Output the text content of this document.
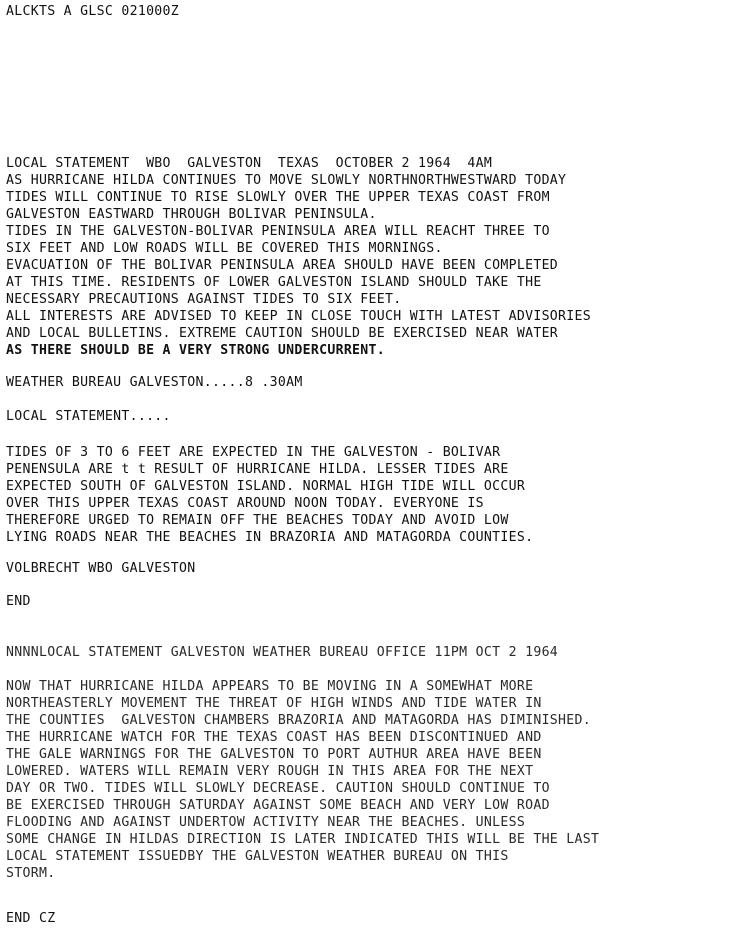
ALCKTS A GLSC 021000Z
LOCAL STATEMENT  WBO  GALVESTON  TEXAS  OCTOBER 2 1964  4AM
AS HURRICANE HILDA CONTINUES TO MOVE SLOWLY NORTHNORTHWESTWARD TODAY
TIDES WILL CONTINUE TO RISE SLOWLY OVER THE UPPER TEXAS COAST FROM
GALVESTON EASTWARD THROUGH BOLIVAR PENINSULA.
TIDES IN THE GALVESTON-BOLIVAR PENINSULA AREA WILL REACHT THREE TO
SIX FEET AND LOW ROADS WILL BE COVERED THIS MORNINGS.
EVACUATION OF THE BOLIVAR PENINSULA AREA SHOULD HAVE BEEN COMPLETED
AT THIS TIME. RESIDENTS OF LOWER GALVESTON ISLAND SHOULD TAKE THE
NECESSARY PRECAUTIONS AGAINST TIDES TO SIX FEET.
ALL INTERESTS ARE ADVISED TO KEEP IN CLOSE TOUCH WITH LATEST ADVISORIES
AND LOCAL BULLETINS. EXTREME CAUTION SHOULD BE EXERCISED NEAR WATER
AS THERE SHOULD BE A VERY STRONG UNDERCURRENT.
WEATHER BUREAU GALVESTON.....8 .30AM
LOCAL STATEMENT.....
TIDES OF 3 TO 6 FEET ARE EXPECTED IN THE GALVESTON - BOLIVAR
PENENSULA ARE t t RESULT OF HURRICANE HILDA. LESSER TIDES ARE
EXPECTED SOUTH OF GALVESTON ISLAND. NORMAL HIGH TIDE WILL OCCUR
OVER THIS UPPER TEXAS COAST AROUND NOON TODAY. EVERYONE IS
THEREFORE URGED TO REMAIN OFF THE BEACHES TODAY AND AVOID LOW
LYING ROADS NEAR THE BEACHES IN BRAZORIA AND MATAGORDA COUNTIES.
VOLBRECHT WBO GALVESTON
END
NNNNLOCAL STATEMENT GALVESTON WEATHER BUREAU OFFICE 11PM OCT 2 1964
NOW THAT HURRICANE HILDA APPEARS TO BE MOVING IN A SOMEWHAT MORE
NORTHEASTERLY MOVEMENT THE THREAT OF HIGH WINDS AND TIDE WATER IN
THE COUNTIES  GALVESTON CHAMBERS BRAZORIA AND MATAGORDA HAS DIMINISHED.
THE HURRICANE WATCH FOR THE TEXAS COAST HAS BEEN DISCONTINUED AND
THE GALE WARNINGS FOR THE GALVESTON TO PORT AUTHUR AREA HAVE BEEN
LOWERED. WATERS WILL REMAIN VERY ROUGH IN THIS AREA FOR THE NEXT
DAY OR TWO. TIDES WILL SLOWLY DECREASE. CAUTION SHOULD CONTINUE TO
BE EXERCISED THROUGH SATURDAY AGAINST SOME BEACH AND VERY LOW ROAD
FLOODING AND AGAINST UNDERTOW ACTIVITY NEAR THE BEACHES. UNLESS
SOME CHANGE IN HILDAS DIRECTION IS LATER INDICATED THIS WILL BE THE LAST
LOCAL STATEMENT ISSUEDBY THE GALVESTON WEATHER BUREAU ON THIS
STORM.
END CZ
